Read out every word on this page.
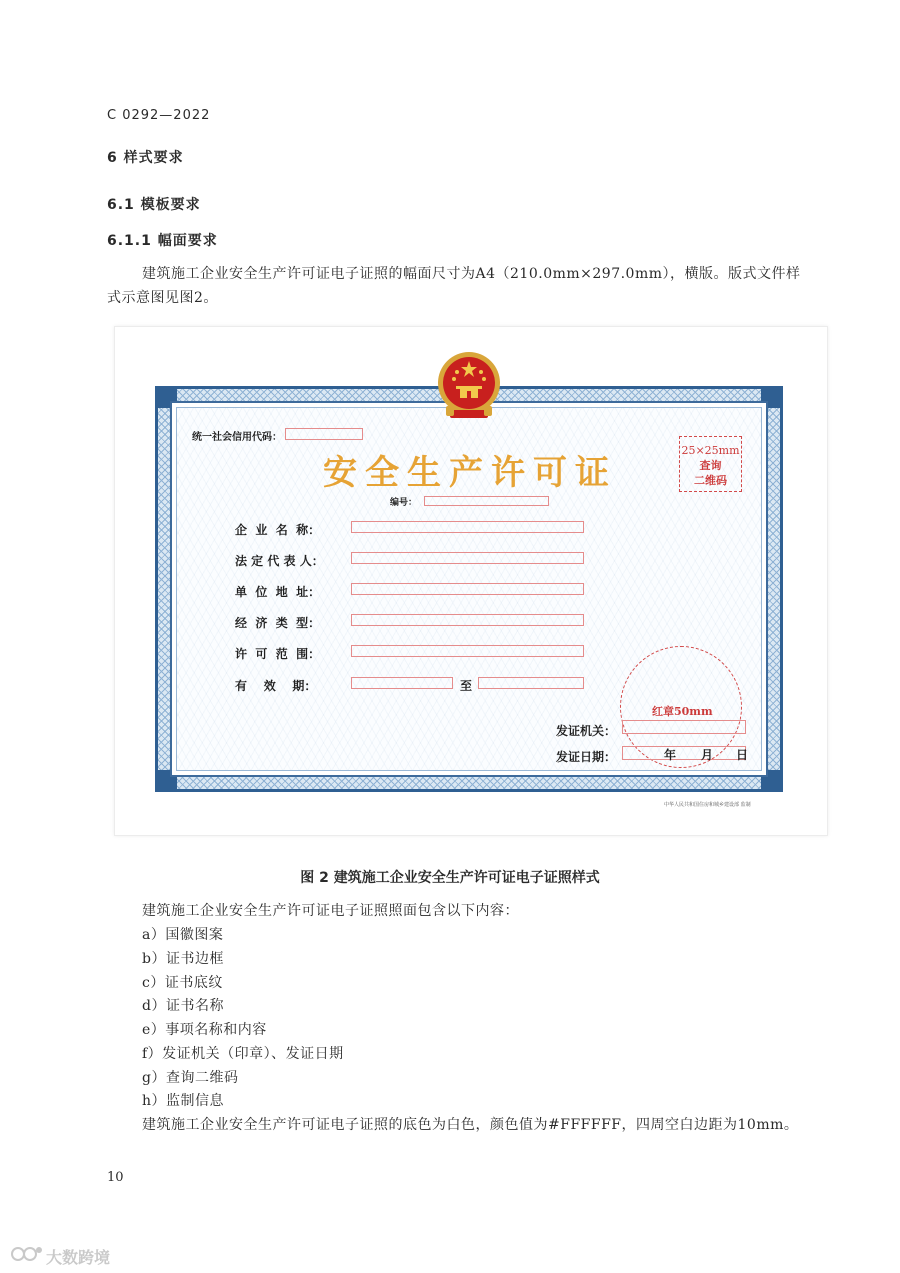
C 0292—2022
6 样式要求
6.1 模板要求
6.1.1 幅面要求
建筑施工企业安全生产许可证电子证照的幅面尺寸为A4（210.0mm×297.0mm），横版。版式文件样
式示意图见图2。
统一社会信用代码：
安全生产许可证
编号：
25×25mm
查询
二维码
企  业  名  称：
法 定 代 表 人：
单  位  地  址：
经  济  类  型：
许  可  范  围：
有    效    期：	至
红章50mm
发证机关：
发证日期：	年 月 日
中华人民共和国住房和城乡建设部 监制
图 2 建筑施工企业安全生产许可证电子证照样式
建筑施工企业安全生产许可证电子证照照面包含以下内容：
a）国徽图案
b）证书边框
c）证书底纹
d）证书名称
e）事项名称和内容
f）发证机关（印章）、发证日期
g）查询二维码
h）监制信息
建筑施工企业安全生产许可证电子证照的底色为白色，颜色值为#FFFFFF，四周空白边距为10mm。
10
大数跨境
